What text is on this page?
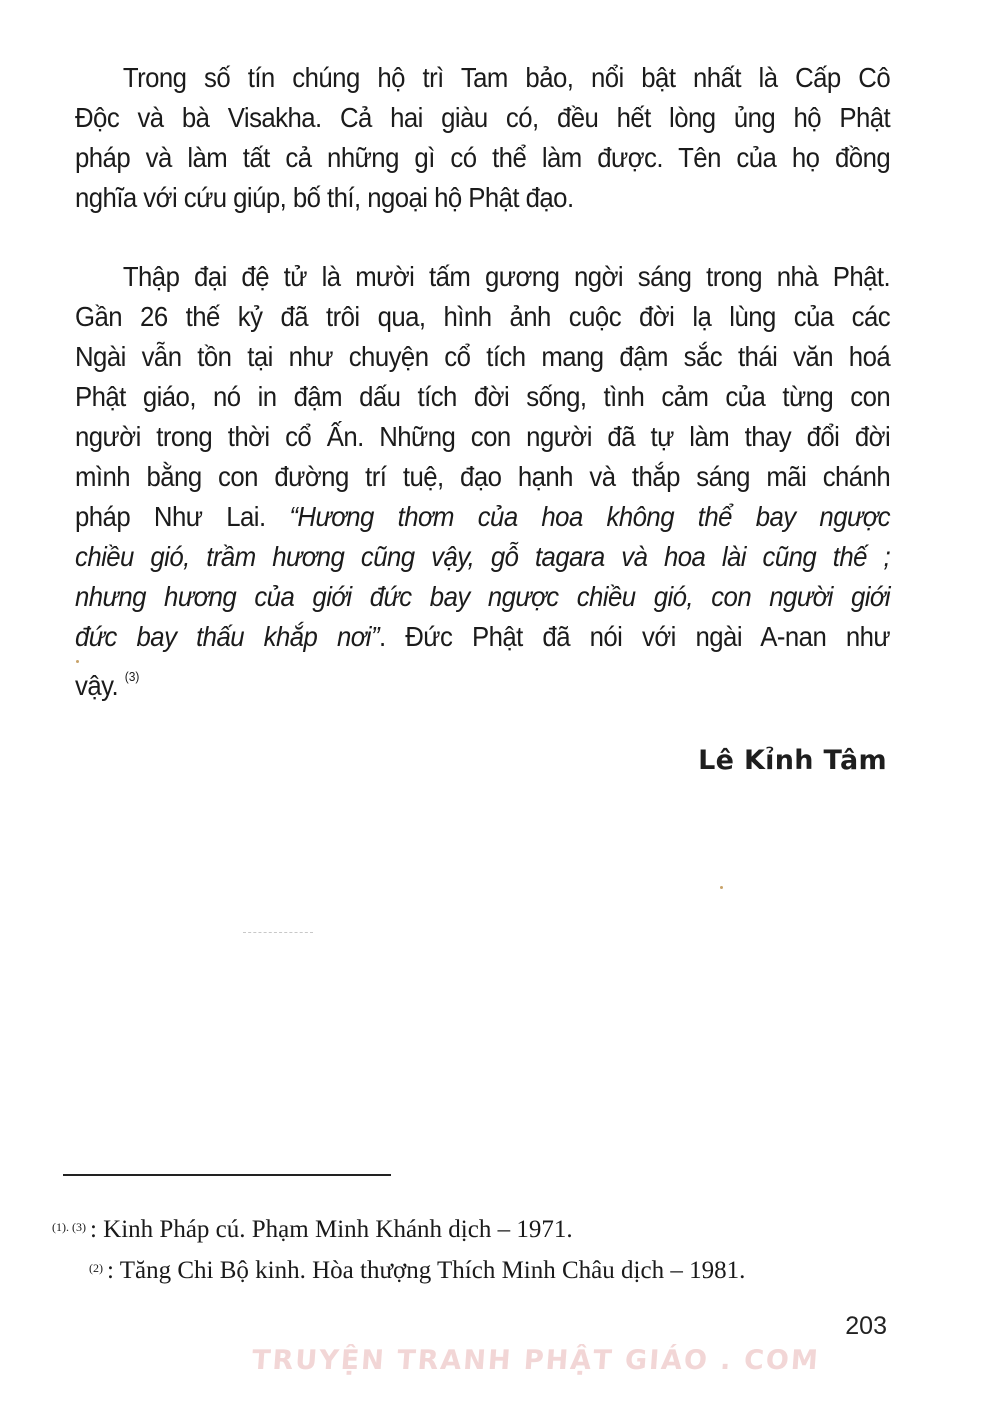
Trong số tín chúng hộ trì Tam bảo, nổi bật nhất là Cấp Cô
Độc và bà Visakha. Cả hai giàu có, đều hết lòng ủng hộ Phật
pháp và làm tất cả những gì có thể làm được. Tên của họ đồng
nghĩa với cứu giúp, bố thí, ngoại hộ Phật đạo.
Thập đại đệ tử là mười tấm gương ngời sáng trong nhà Phật.
Gần 26 thế kỷ đã trôi qua, hình ảnh cuộc đời lạ lùng của các
Ngài vẫn tồn tại như chuyện cổ tích mang đậm sắc thái văn hoá
Phật giáo, nó in đậm dấu tích đời sống, tình cảm của từng con
người trong thời cổ Ấn. Những con người đã tự làm thay đổi đời
mình bằng con đường trí tuệ, đạo hạnh và thắp sáng mãi chánh
pháp Như Lai. “Hương thơm của hoa không thể bay ngược
chiều gió, trầm hương cũng vậy, gỗ tagara và hoa lài cũng thế ;
nhưng hương của giới đức bay ngược chiều gió, con người giới
đức bay thấu khắp nơi”. Đức Phật đã nói với ngài A-nan như
vậy. $^{(3)}$
Lê Kỉnh Tâm
$^{(1). (3)}$ : Kinh Pháp cú. Phạm Minh Khánh dịch – 1971.
$^{(2)}$ : Tăng Chi Bộ kinh. Hòa thượng Thích Minh Châu dịch – 1981.
203
TRUYỆN TRANH PHẬT GIÁO . COM
